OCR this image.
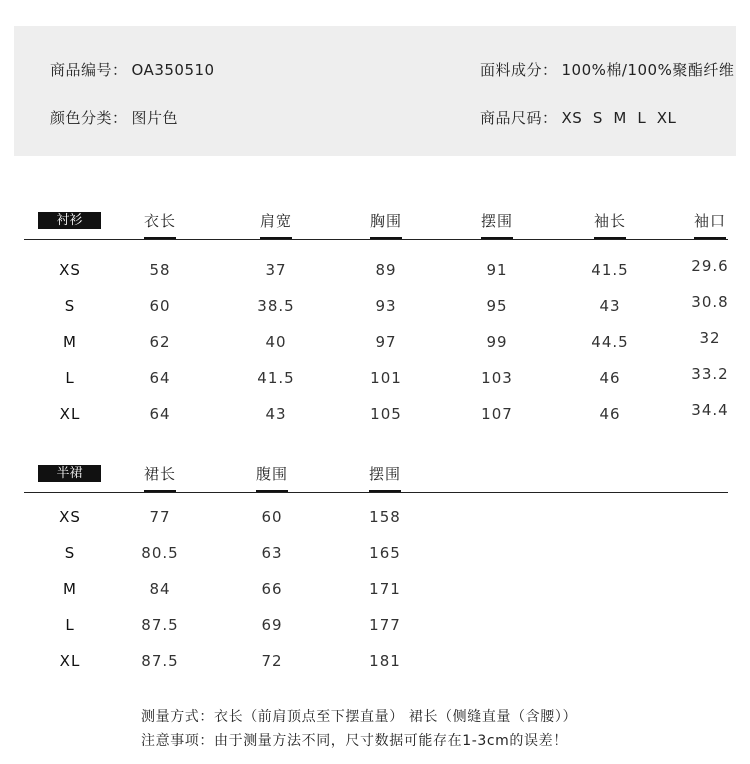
商品编号： OA350510
颜色分类： 图片色
面料成分： 100%棉/100%聚酯纤维
商品尺码： XS  S  M  L  XL
衬衫	衣长	肩宽	胸围	摆围	袖长	袖口
XS	58	37	89	91	41.5	29.6
S	60	38.5	93	95	43	30.8
M	62	40	97	99	44.5	32
L	64	41.5	101	103	46	33.2
XL	64	43	105	107	46	34.4
半裙	裙长	腹围	摆围
XS	77	60	158
S	80.5	63	165
M	84	66	171
L	87.5	69	177
XL	87.5	72	181
测量方式：衣长（前肩顶点至下摆直量） 裙长（侧缝直量（含腰））
注意事项：由于测量方法不同，尺寸数据可能存在1-3cm的误差！
